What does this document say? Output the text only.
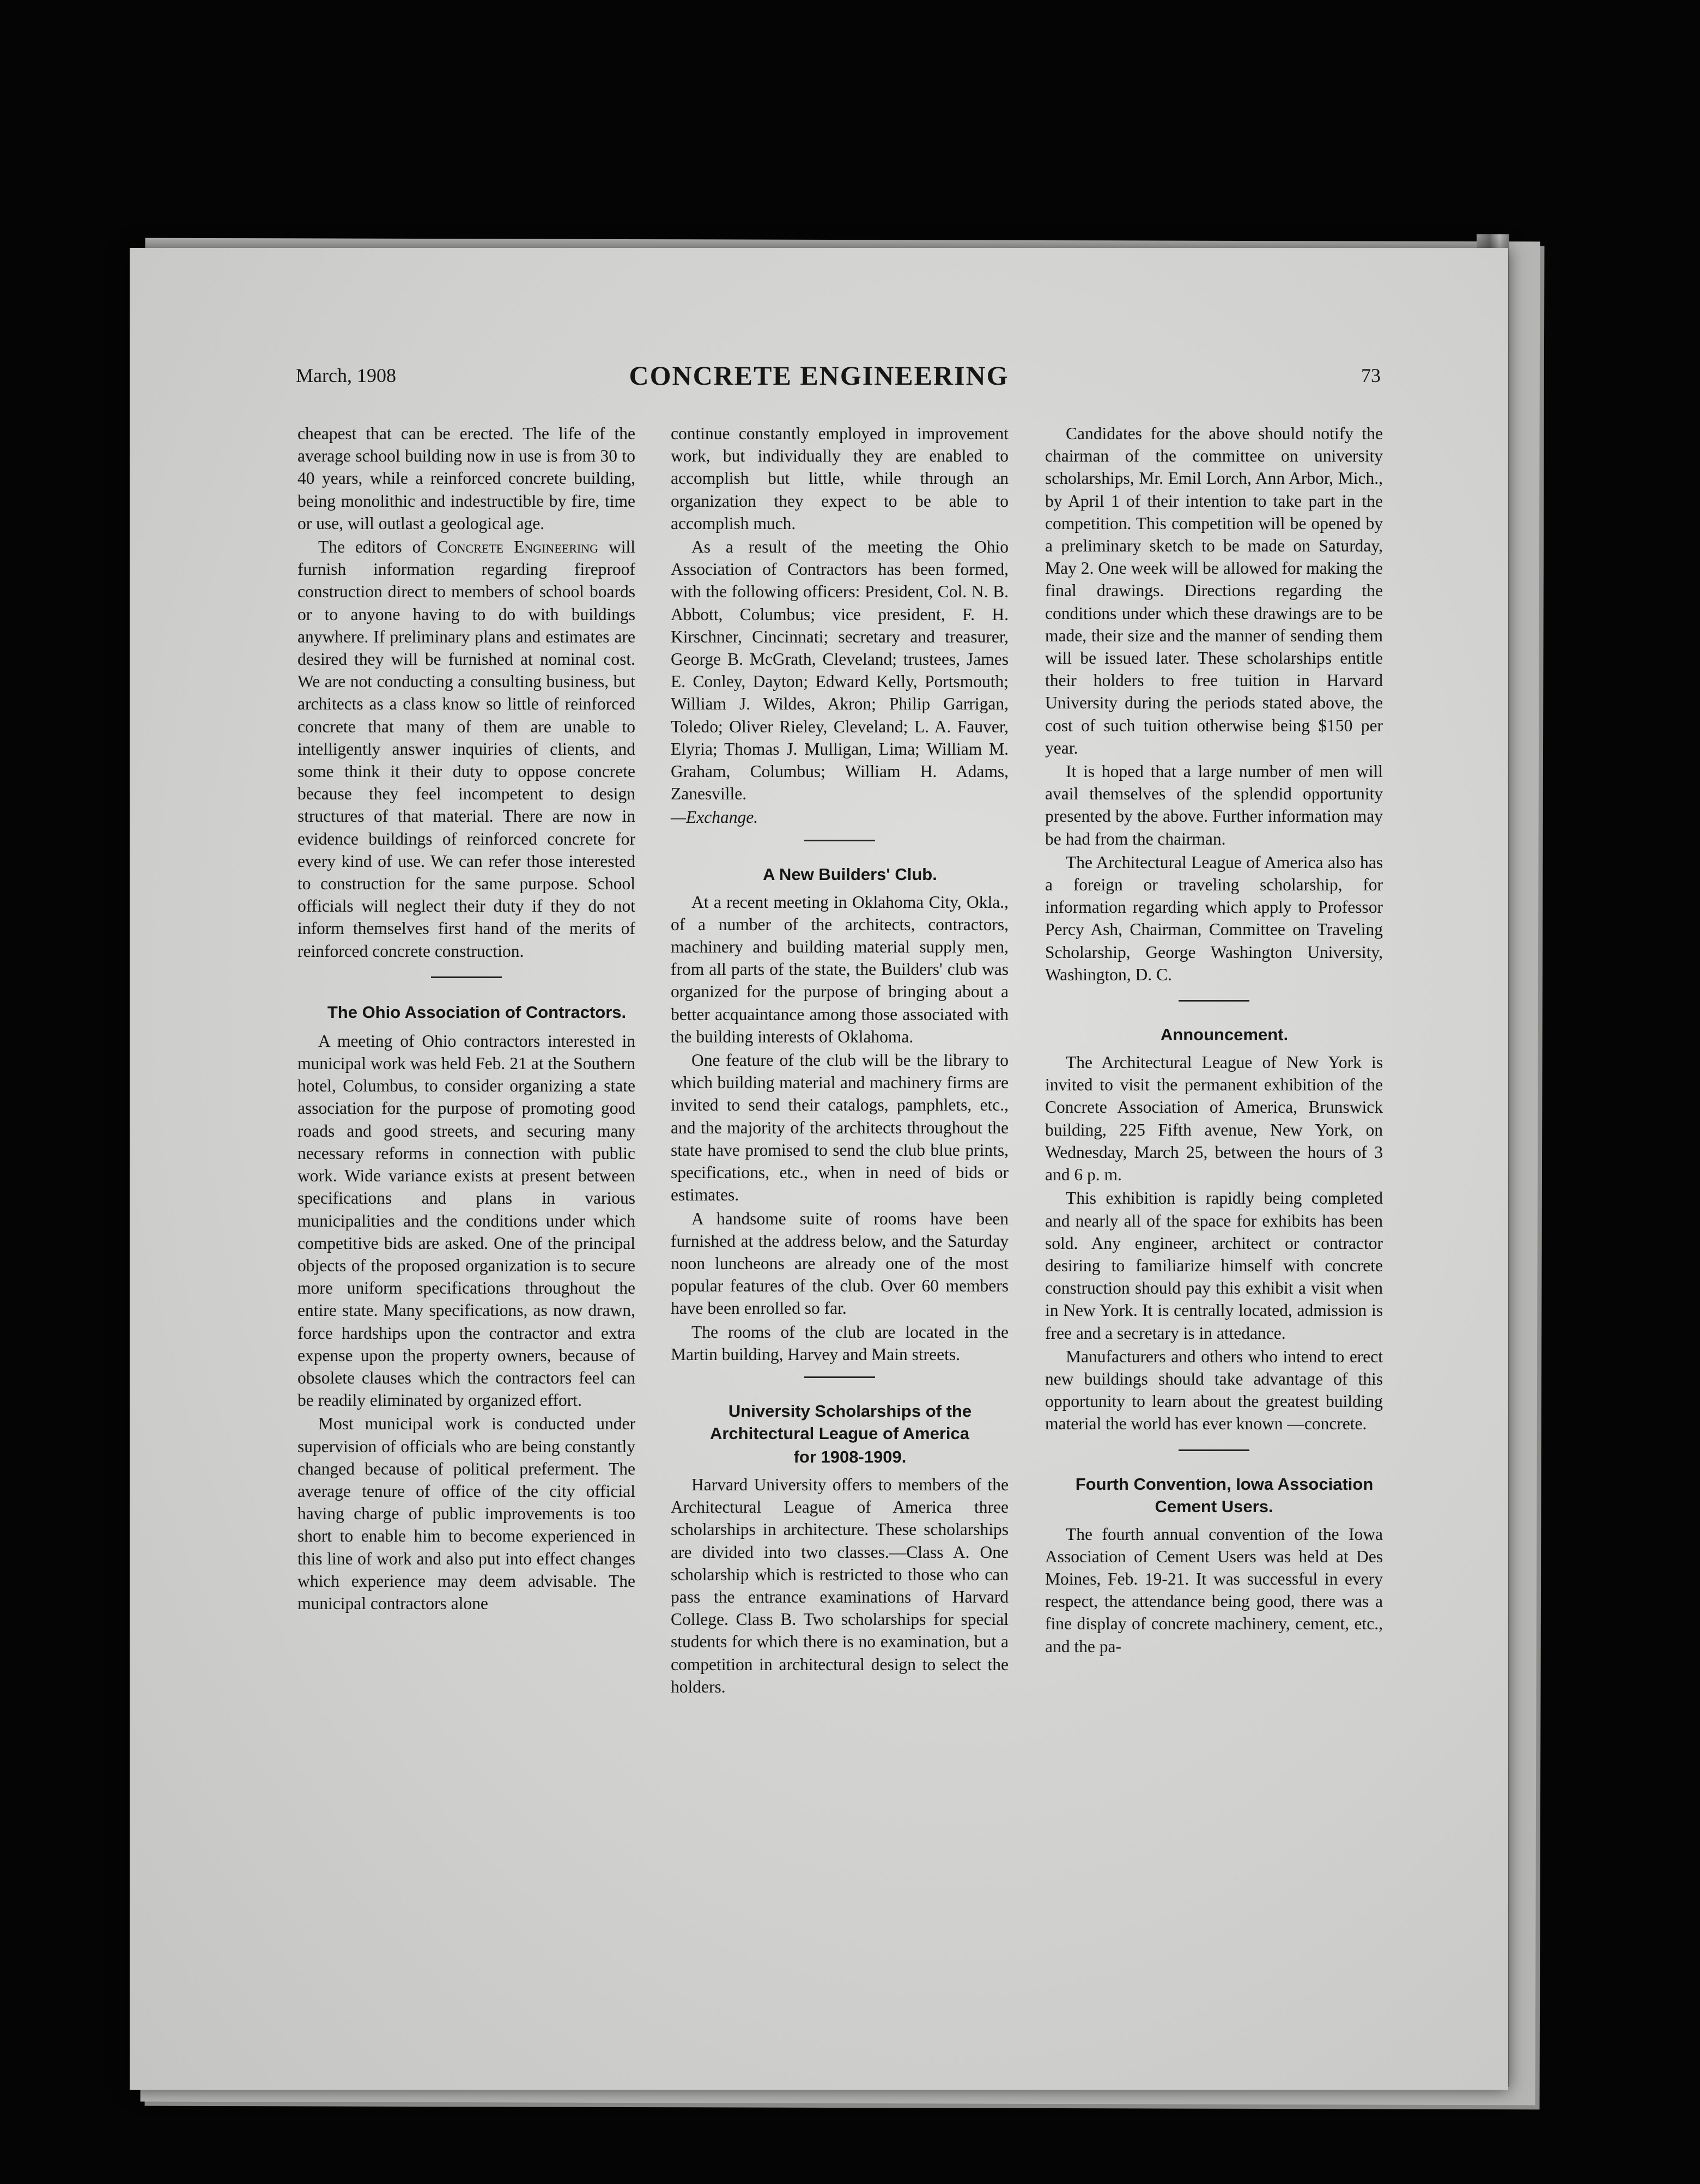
March, 1908	CONCRETE ENGINEERING	73

cheapest that can be erected. The life of the average school building now in use is from 30 to 40 years, while a reinforced concrete building, being monolithic and indestructible by fire, time or use, will outlast a geological age.

The editors of Concrete Engineering will furnish information regarding fireproof construction direct to members of school boards or to anyone having to do with buildings anywhere. If preliminary plans and estimates are desired they will be furnished at nominal cost. We are not conducting a consulting business, but architects as a class know so little of reinforced concrete that many of them are unable to intelligently answer inquiries of clients, and some think it their duty to oppose concrete because they feel incompetent to design structures of that material. There are now in evidence buildings of reinforced concrete for every kind of use. We can refer those interested to construction for the same purpose. School officials will neglect their duty if they do not inform themselves first hand of the merits of reinforced concrete construction.

The Ohio Association of Contractors.

A meeting of Ohio contractors interested in municipal work was held Feb. 21 at the Southern hotel, Columbus, to consider organizing a state association for the purpose of promoting good roads and good streets, and securing many necessary reforms in connection with public work. Wide variance exists at present between specifications and plans in various municipalities and the conditions under which competitive bids are asked. One of the principal objects of the proposed organization is to secure more uniform specifications throughout the entire state. Many specifications, as now drawn, force hardships upon the contractor and extra expense upon the property owners, because of obsolete clauses which the contractors feel can be readily eliminated by organized effort.

Most municipal work is conducted under supervision of officials who are being constantly changed because of political preferment. The average tenure of office of the city official having charge of public improvements is too short to enable him to become experienced in this line of work and also put into effect changes which experience may deem advisable. The municipal contractors alone

continue constantly employed in improvement work, but individually they are enabled to accomplish but little, while through an organization they expect to be able to accomplish much.

As a result of the meeting the Ohio Association of Contractors has been formed, with the following officers: President, Col. N. B. Abbott, Columbus; vice president, F. H. Kirschner, Cincinnati; secretary and treasurer, George B. McGrath, Cleveland; trustees, James E. Conley, Dayton; Edward Kelly, Portsmouth; William J. Wildes, Akron; Philip Garrigan, Toledo; Oliver Rieley, Cleveland; L. A. Fauver, Elyria; Thomas J. Mulligan, Lima; William M. Graham, Columbus; William H. Adams, Zanesville.

—Exchange.

A New Builders' Club.

At a recent meeting in Oklahoma City, Okla., of a number of the architects, contractors, machinery and building material supply men, from all parts of the state, the Builders' club was organized for the purpose of bringing about a better acquaintance among those associated with the building interests of Oklahoma.

One feature of the club will be the library to which building material and machinery firms are invited to send their catalogs, pamphlets, etc., and the majority of the architects throughout the state have promised to send the club blue prints, specifications, etc., when in need of bids or estimates.

A handsome suite of rooms have been furnished at the address below, and the Saturday noon luncheons are already one of the most popular features of the club. Over 60 members have been enrolled so far.

The rooms of the club are located in the Martin building, Harvey and Main streets.

University Scholarships of the Architectural League of America

for 1908-1909.

Harvard University offers to members of the Architectural League of America three scholarships in architecture. These scholarships are divided into two classes.—Class A. One scholarship which is restricted to those who can pass the entrance examinations of Harvard College. Class B. Two scholarships for special students for which there is no examination, but a competition in architectural design to select the holders.

Candidates for the above should notify the chairman of the committee on university scholarships, Mr. Emil Lorch, Ann Arbor, Mich., by April 1 of their intention to take part in the competition. This competition will be opened by a preliminary sketch to be made on Saturday, May 2. One week will be allowed for making the final drawings. Directions regarding the conditions under which these drawings are to be made, their size and the manner of sending them will be issued later. These scholarships entitle their holders to free tuition in Harvard University during the periods stated above, the cost of such tuition otherwise being $150 per year.

It is hoped that a large number of men will avail themselves of the splendid opportunity presented by the above. Further information may be had from the chairman.

The Architectural League of America also has a foreign or traveling scholarship, for information regarding which apply to Professor Percy Ash, Chairman, Committee on Traveling Scholarship, George Washington University, Washington, D. C.

Announcement.

The Architectural League of New York is invited to visit the permanent exhibition of the Concrete Association of America, Brunswick building, 225 Fifth avenue, New York, on Wednesday, March 25, between the hours of 3 and 6 p. m.

This exhibition is rapidly being completed and nearly all of the space for exhibits has been sold. Any engineer, architect or contractor desiring to familiarize himself with concrete construction should pay this exhibit a visit when in New York. It is centrally located, admission is free and a secretary is in attedance.

Manufacturers and others who intend to erect new buildings should take advantage of this opportunity to learn about the greatest building material the world has ever known —concrete.

Fourth Convention, Iowa Association Cement Users.

The fourth annual convention of the Iowa Association of Cement Users was held at Des Moines, Feb. 19-21. It was successful in every respect, the attendance being good, there was a fine display of concrete machinery, cement, etc., and the pa-
